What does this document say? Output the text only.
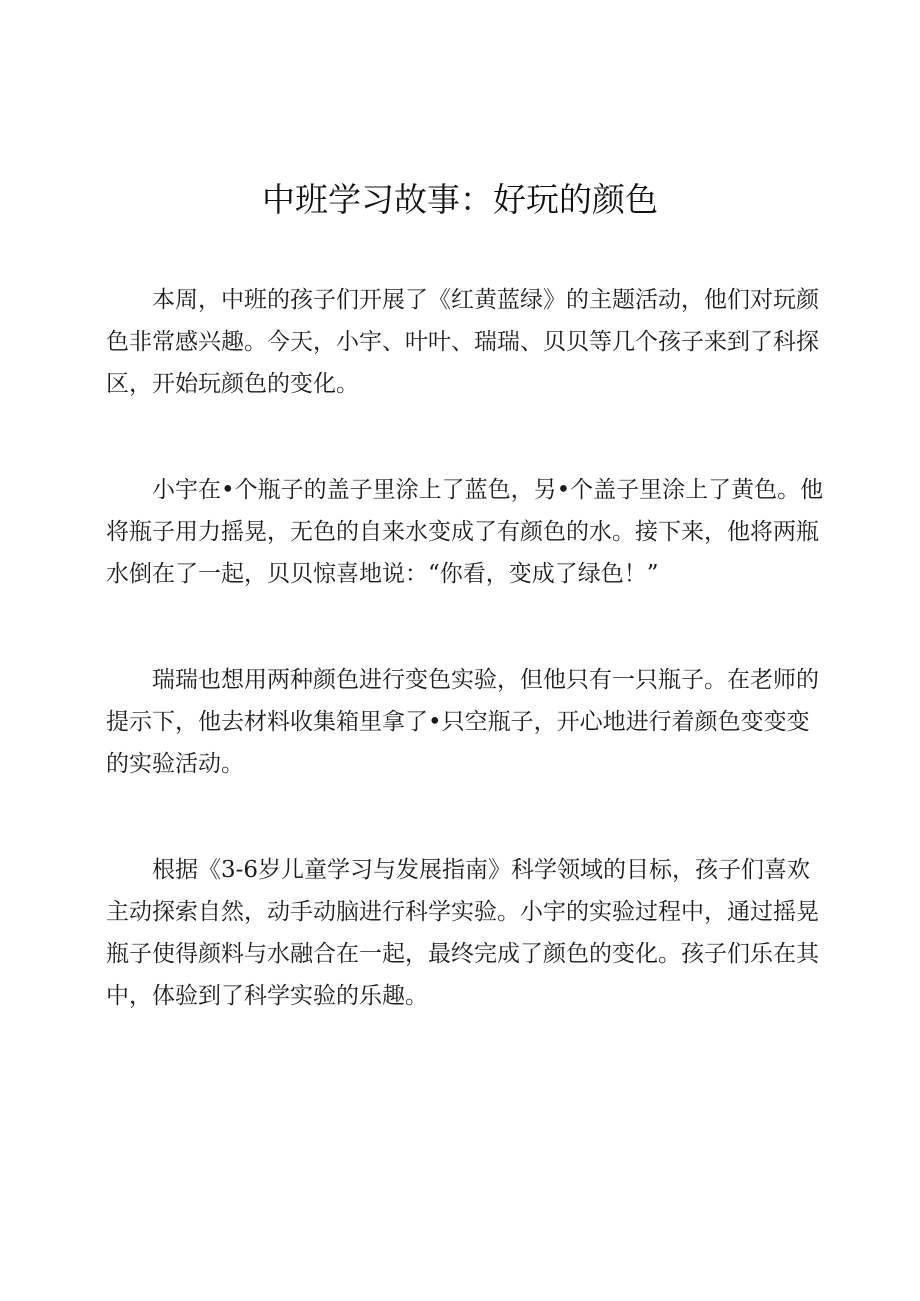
中班学习故事：好玩的颜色

本周，中班的孩子们开展了《红黄蓝绿》的主题活动，他们对玩颜色非常感兴趣。今天，小宇、叶叶、瑞瑞、贝贝等几个孩子来到了科探区，开始玩颜色的变化。

小宇在•个瓶子的盖子里涂上了蓝色，另•个盖子里涂上了黄色。他将瓶子用力摇晃，无色的自来水变成了有颜色的水。接下来，他将两瓶水倒在了一起，贝贝惊喜地说：“你看，变成了绿色！”

瑞瑞也想用两种颜色进行变色实验，但他只有一只瓶子。在老师的提示下，他去材料收集箱里拿了•只空瓶子，开心地进行着颜色变变变的实验活动。

根据《3-6岁儿童学习与发展指南》科学领域的目标，孩子们喜欢主动探索自然，动手动脑进行科学实验。小宇的实验过程中，通过摇晃瓶子使得颜料与水融合在一起，最终完成了颜色的变化。孩子们乐在其中，体验到了科学实验的乐趣。
